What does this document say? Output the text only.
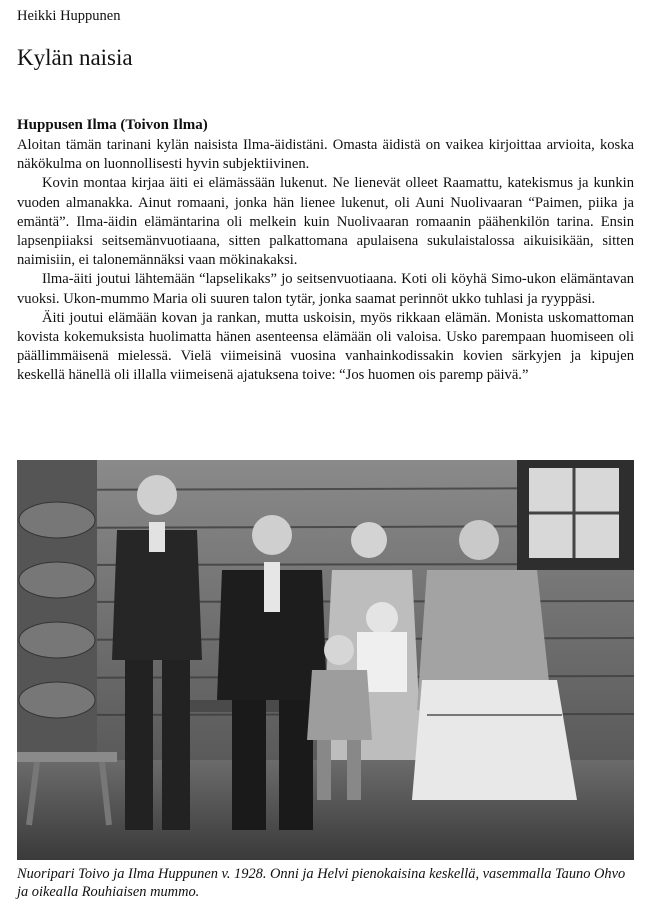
Heikki Huppunen
Kylän naisia
Huppusen Ilma (Toivon Ilma)

Aloitan tämän tarinani kylän naisista Ilma-äidistäni. Omasta äidistä on vaikea kirjoittaa arvioita, koska näkökulma on luonnollisesti hyvin subjektiivinen.

Kovin montaa kirjaa äiti ei elämässään lukenut. Ne lienevät olleet Raamattu, katekismus ja kunkin vuoden almanakka. Ainut romaani, jonka hän lienee lukenut, oli Auni Nuolivaaran “Paimen, piika ja emäntä”. Ilma-äidin elämäntarina oli melkein kuin Nuolivaaran romaanin päähenkilön tarina. Ensin lapsenpiiaksi seitsemänvuotiaana, sitten palkattomana apulaisena sukulaistalossa aikuisikään, sitten naimisiin, ei talonemännäksi vaan mökinakaksi.

Ilma-äiti joutui lähtemään “lapselikaks” jo seitsenvuotiaana. Koti oli köyhä Simo-ukon elämäntavan vuoksi. Ukon-mummo Maria oli suuren talon tytär, jonka saamat perinnöt ukko tuhlasi ja ryyppäsi.

Äiti joutui elämään kovan ja rankan, mutta uskoisin, myös rikkaan elämän. Monista uskomattoman kovista kokemuksista huolimatta hänen asenteensa elämään oli valoisa. Usko parempaan huomiseen oli päällimmäisenä mielessä. Vielä viimeisinä vuosina vanhainkodissakin kovien särkyjen ja kipujen keskellä hänellä oli illalla viimeisenä ajatuksena toive: “Jos huomen ois paremp päivä.”

Nuoripari Toivo ja Ilma Huppunen v. 1928. Onni ja Helvi pienokaisina keskellä, vasemmalla Tauno Ohvo ja oikealla Rouhiaisen mummo.
